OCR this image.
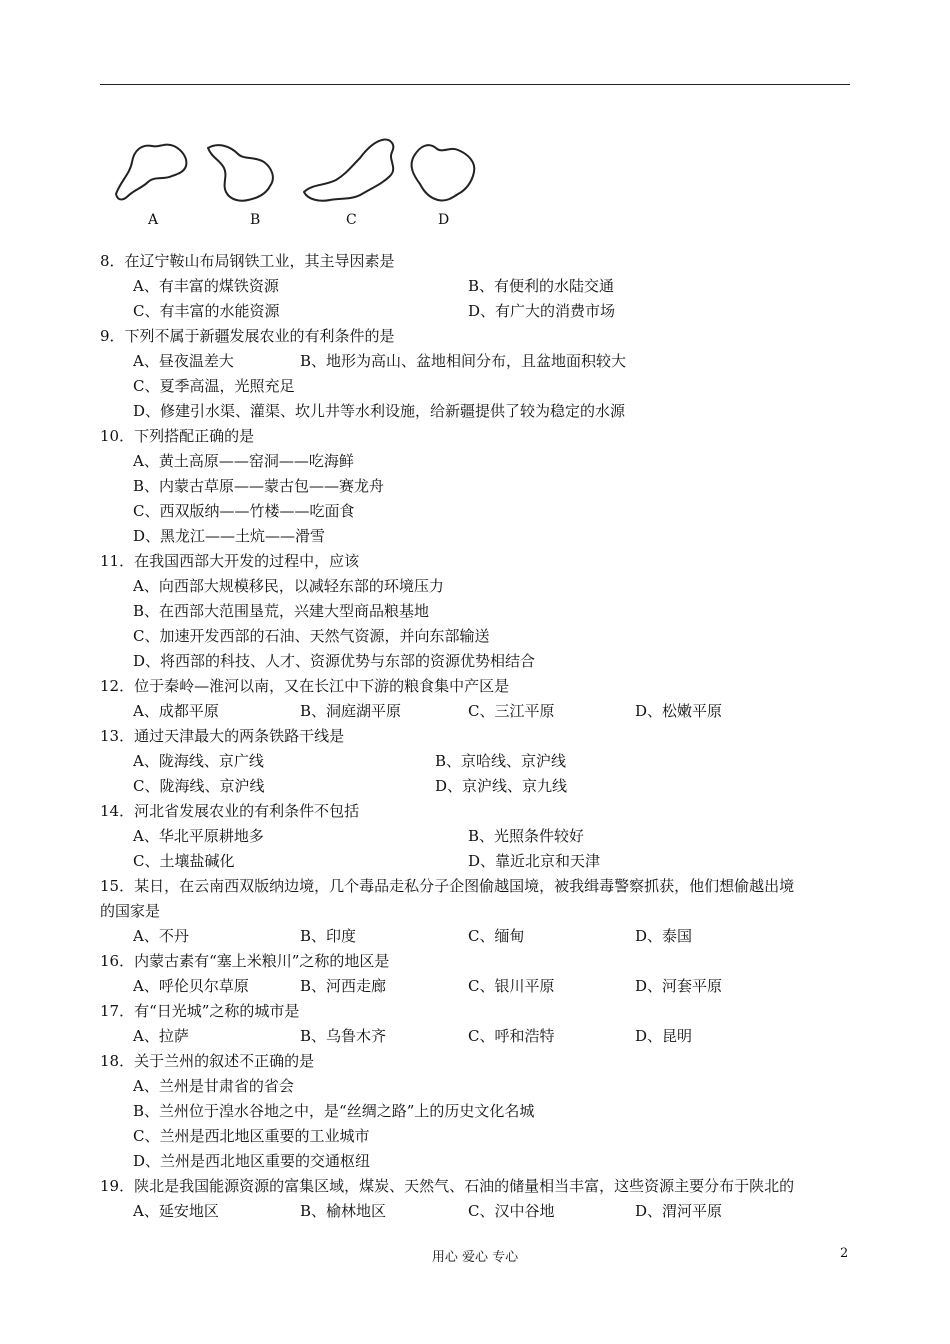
A	B	C	D
8．在辽宁鞍山布局钢铁工业，其主导因素是
A、有丰富的煤铁资源	B、有便利的水陆交通
C、有丰富的水能资源	D、有广大的消费市场
9．下列不属于新疆发展农业的有利条件的是
A、昼夜温差大	B、地形为高山、盆地相间分布，且盆地面积较大
C、夏季高温，光照充足
D、修建引水渠、灌渠、坎儿井等水利设施，给新疆提供了较为稳定的水源
10．下列搭配正确的是
A、黄土高原——窑洞——吃海鲜
B、内蒙古草原——蒙古包——赛龙舟
C、西双版纳——竹楼——吃面食
D、黑龙江——土炕——滑雪
11．在我国西部大开发的过程中，应该
A、向西部大规模移民，以减轻东部的环境压力
B、在西部大范围垦荒，兴建大型商品粮基地
C、加速开发西部的石油、天然气资源，并向东部输送
D、将西部的科技、人才、资源优势与东部的资源优势相结合
12．位于秦岭—淮河以南，又在长江中下游的粮食集中产区是
A、成都平原	B、洞庭湖平原	C、三江平原	D、松嫩平原
13．通过天津最大的两条铁路干线是
A、陇海线、京广线	B、京哈线、京沪线
C、陇海线、京沪线	D、京沪线、京九线
14．河北省发展农业的有利条件不包括
A、华北平原耕地多	B、光照条件较好
C、土壤盐碱化	D、靠近北京和天津
15．某日，在云南西双版纳边境，几个毒品走私分子企图偷越国境，被我缉毒警察抓获，他们想偷越出境
的国家是
A、不丹	B、印度	C、缅甸	D、泰国
16．内蒙古素有“塞上米粮川”之称的地区是
A、呼伦贝尔草原	B、河西走廊	C、银川平原	D、河套平原
17．有“日光城”之称的城市是
A、拉萨	B、乌鲁木齐	C、呼和浩特	D、昆明
18．关于兰州的叙述不正确的是
A、兰州是甘肃省的省会
B、兰州位于湟水谷地之中，是“丝绸之路”上的历史文化名城
C、兰州是西北地区重要的工业城市
D、兰州是西北地区重要的交通枢纽
19．陕北是我国能源资源的富集区域，煤炭、天然气、石油的储量相当丰富，这些资源主要分布于陕北的
A、延安地区	B、榆林地区	C、汉中谷地	D、渭河平原
用心 爱心 专心	2
